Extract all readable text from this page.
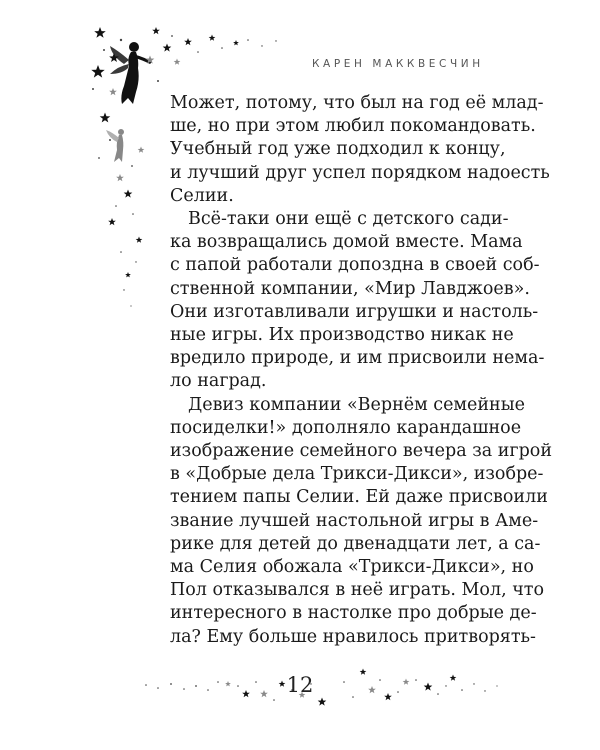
КАРЕН МАККВЕСЧИН

Может, потому, что был на год её млад-
ше, но при этом любил покомандовать.
Учебный год уже подходил к концу,
и лучший друг успел порядком надоесть
Селии.

Всё-таки они ещё с детского сади-
ка возвращались домой вместе. Мама
с папой работали допоздна в своей соб-
ственной компании, «Мир Лавджоев».
Они изготавливали игрушки и настоль-
ные игры. Их производство никак не
вредило природе, и им присвоили нема-
ло наград.

Девиз компании «Вернём семейные
посиделки!» дополняло карандашное
изображение семейного вечера за игрой
в «Добрые дела Трикси-Дикси», изобре-
тением папы Селии. Ей даже присвоили
звание лучшей настольной игры в Аме-
рике для детей до двенадцати лет, а са-
ма Селия обожала «Трикси-Дикси», но
Пол отказывался в неё играть. Мол, что
интересного в настолке про добрые де-
ла? Ему больше нравилось притворять-

12
